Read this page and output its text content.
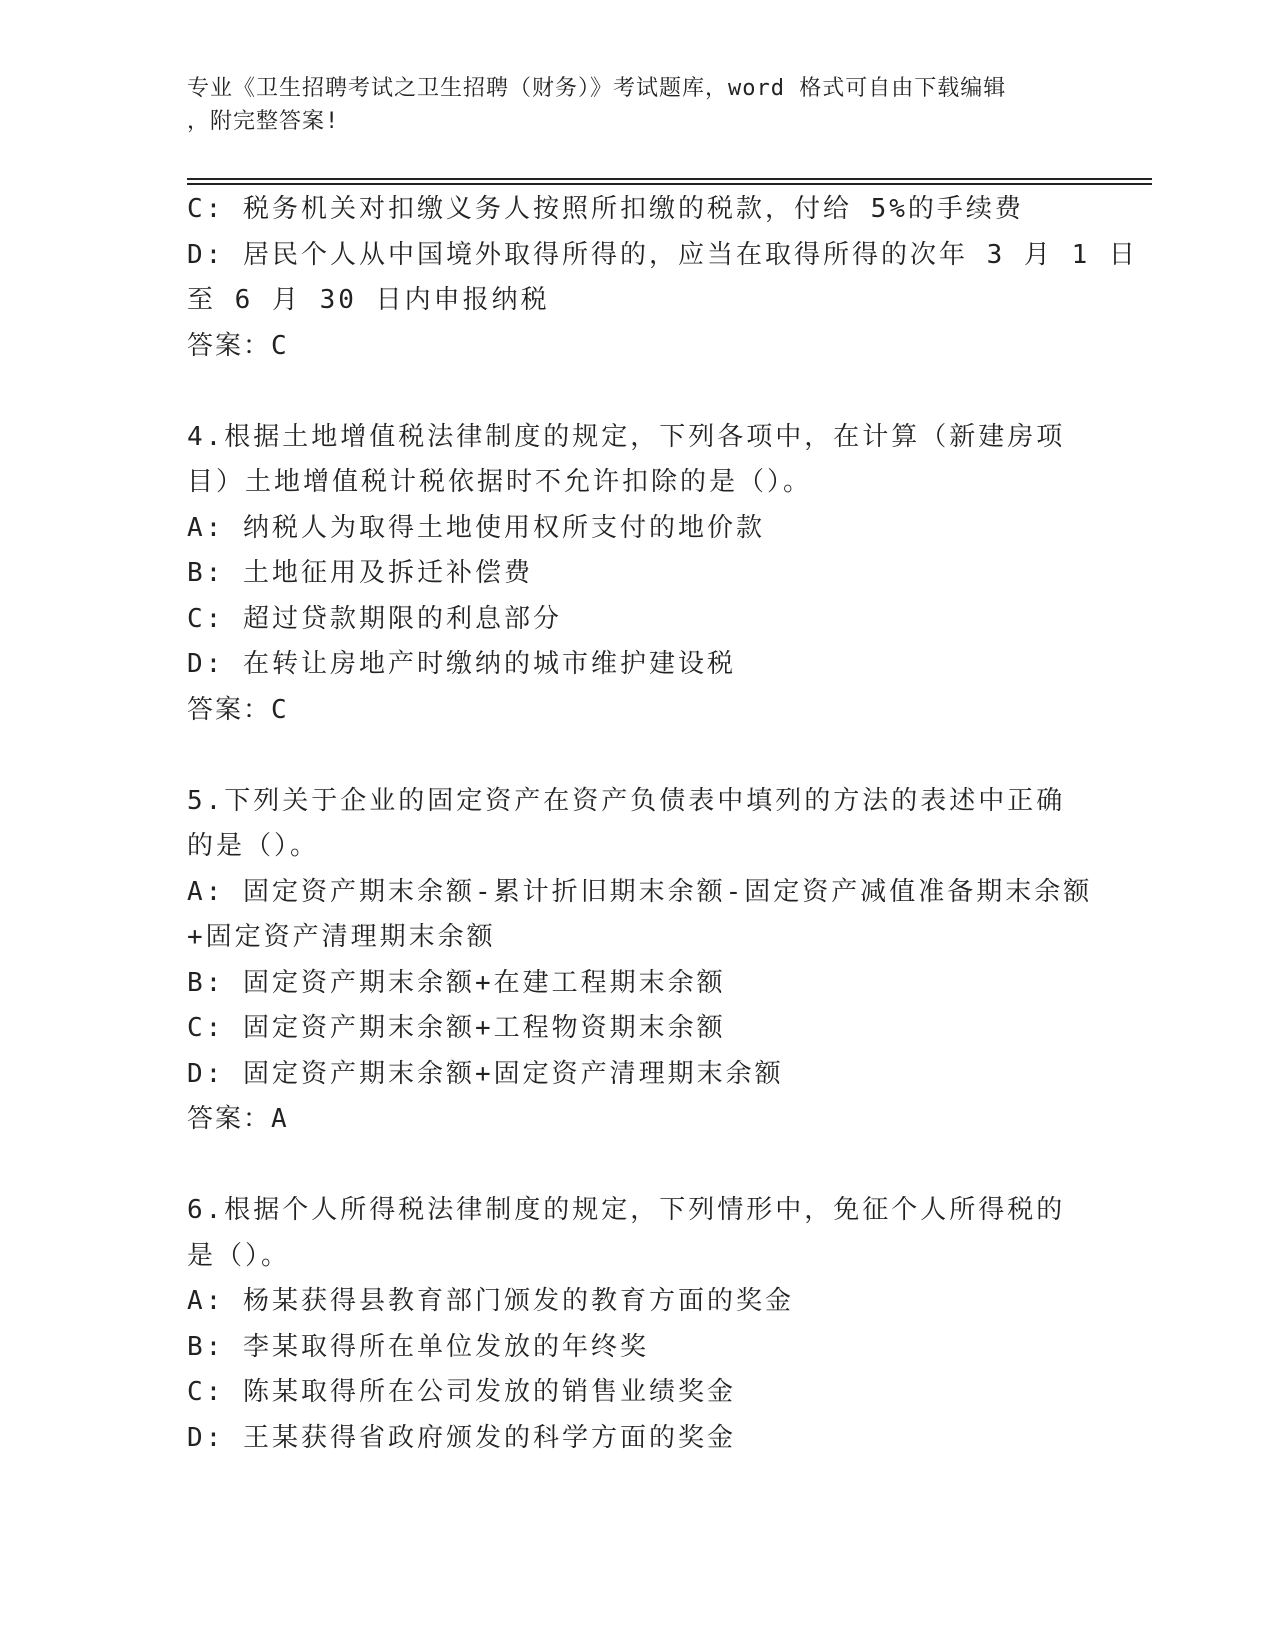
专业《卫生招聘考试之卫生招聘（财务）》考试题库，word 格式可自由下载编辑
，附完整答案!
C: 税务机关对扣缴义务人按照所扣缴的税款，付给 5%的手续费
D: 居民个人从中国境外取得所得的，应当在取得所得的次年 3 月 1 日
至 6 月 30 日内申报纳税
答案：C
4.根据土地增值税法律制度的规定，下列各项中，在计算（新建房项
目）土地增值税计税依据时不允许扣除的是（）。
A: 纳税人为取得土地使用权所支付的地价款
B: 土地征用及拆迁补偿费
C: 超过贷款期限的利息部分
D: 在转让房地产时缴纳的城市维护建设税
答案：C
5.下列关于企业的固定资产在资产负债表中填列的方法的表述中正确
的是（）。
A: 固定资产期末余额-累计折旧期末余额-固定资产减值准备期末余额
+固定资产清理期末余额
B: 固定资产期末余额+在建工程期末余额
C: 固定资产期末余额+工程物资期末余额
D: 固定资产期末余额+固定资产清理期末余额
答案：A
6.根据个人所得税法律制度的规定，下列情形中，免征个人所得税的
是（）。
A: 杨某获得县教育部门颁发的教育方面的奖金
B: 李某取得所在单位发放的年终奖
C: 陈某取得所在公司发放的销售业绩奖金
D: 王某获得省政府颁发的科学方面的奖金
